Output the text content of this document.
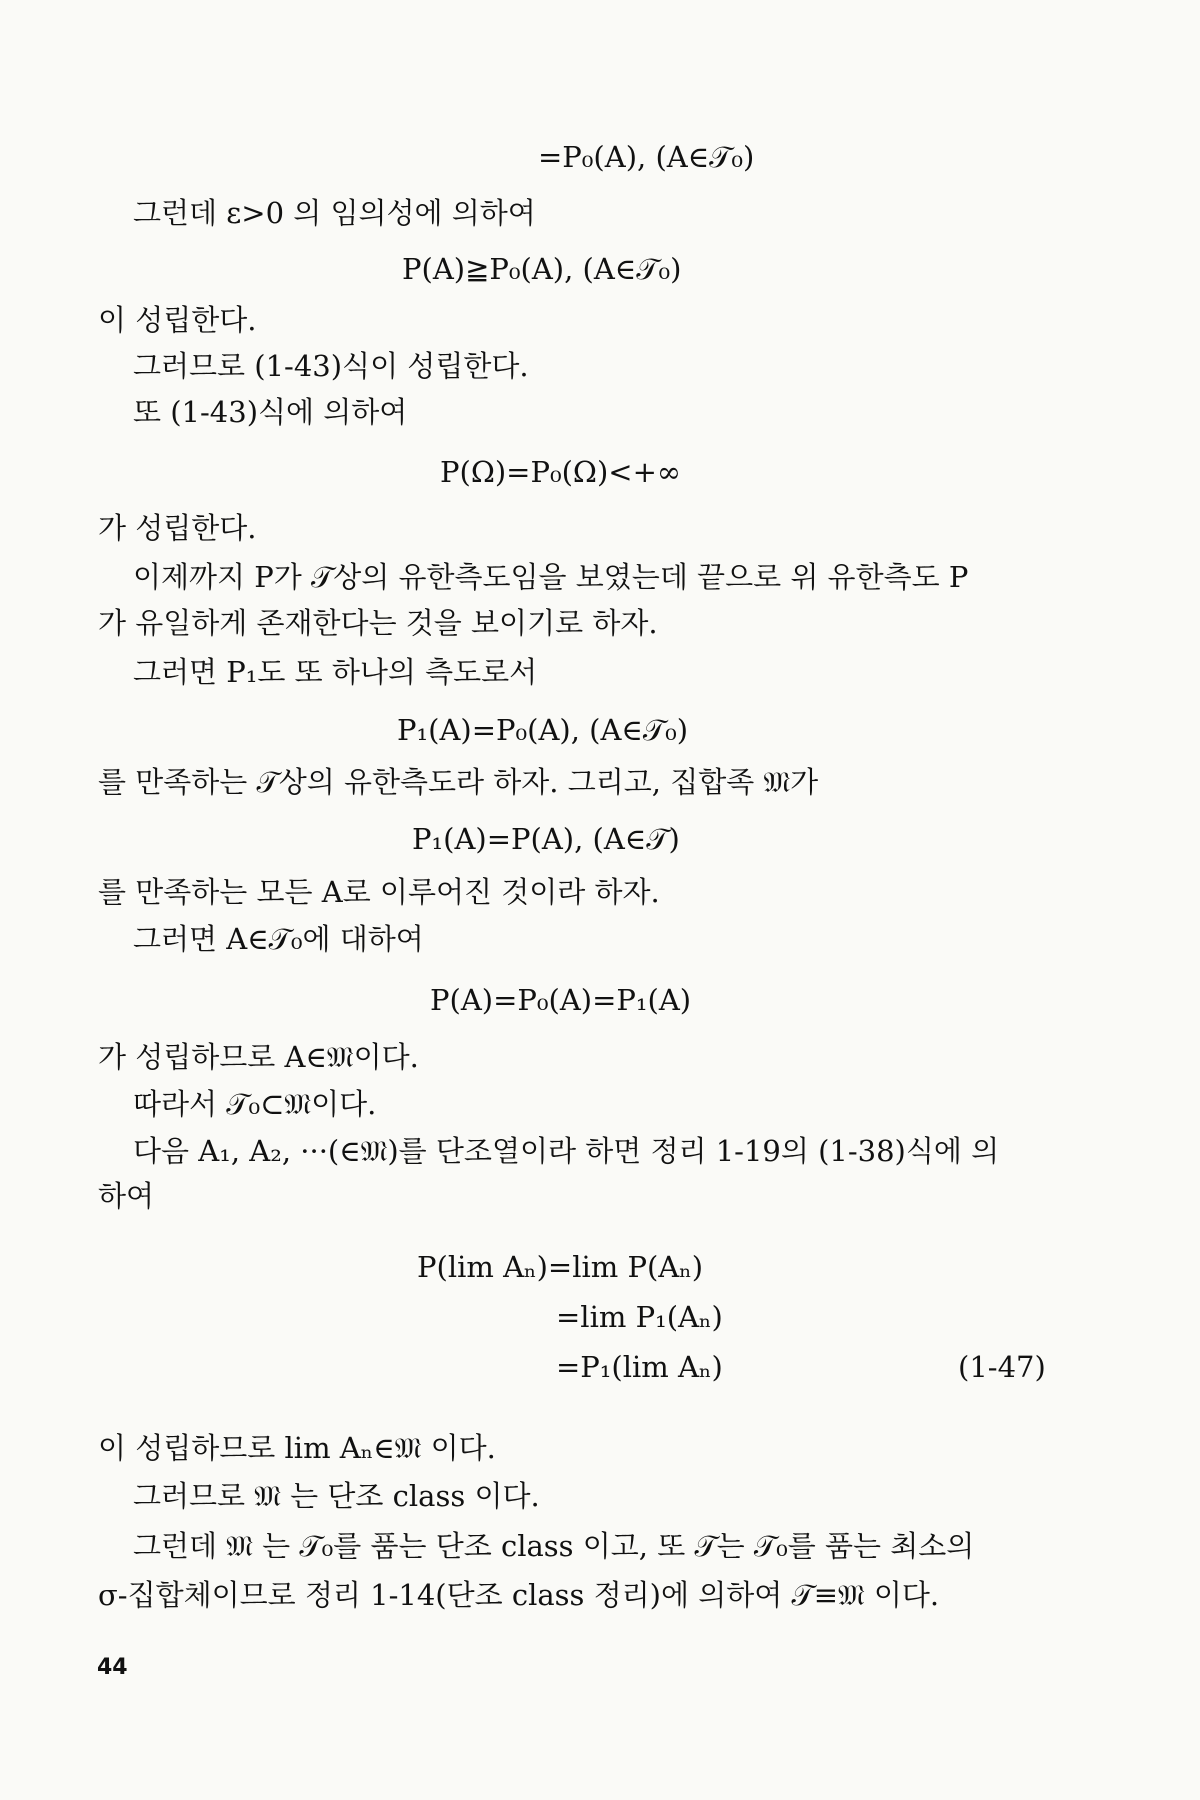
=P₀(A), (A∈𝒯₀)
그런데 ε>0 의 임의성에 의하여
P(A)≧P₀(A), (A∈𝒯₀)
이 성립한다.
그러므로 (1-43)식이 성립한다.
또 (1-43)식에 의하여
P(Ω)=P₀(Ω)<+∞
가 성립한다.
이제까지 P가 𝒯상의 유한측도임을 보였는데 끝으로 위 유한측도 P
가 유일하게 존재한다는 것을 보이기로 하자.
그러면 P₁도 또 하나의 측도로서
P₁(A)=P₀(A), (A∈𝒯₀)
를 만족하는 𝒯상의 유한측도라 하자. 그리고, 집합족 𝔐가
P₁(A)=P(A), (A∈𝒯)
를 만족하는 모든 A로 이루어진 것이라 하자.
그러면 A∈𝒯₀에 대하여
P(A)=P₀(A)=P₁(A)
가 성립하므로 A∈𝔐이다.
따라서 𝒯₀⊂𝔐이다.
다음 A₁, A₂, ···(∈𝔐)를 단조열이라 하면 정리 1-19의 (1-38)식에 의
하여
P(lim Aₙ)=lim P(Aₙ)
=lim P₁(Aₙ)
=P₁(lim Aₙ)	(1-47)
이 성립하므로 lim Aₙ∈𝔐 이다.
그러므로 𝔐 는 단조 class 이다.
그런데 𝔐 는 𝒯₀를 품는 단조 class 이고, 또 𝒯는 𝒯₀를 품는 최소의
σ-집합체이므로 정리 1-14(단조 class 정리)에 의하여 𝒯≡𝔐 이다.
44
